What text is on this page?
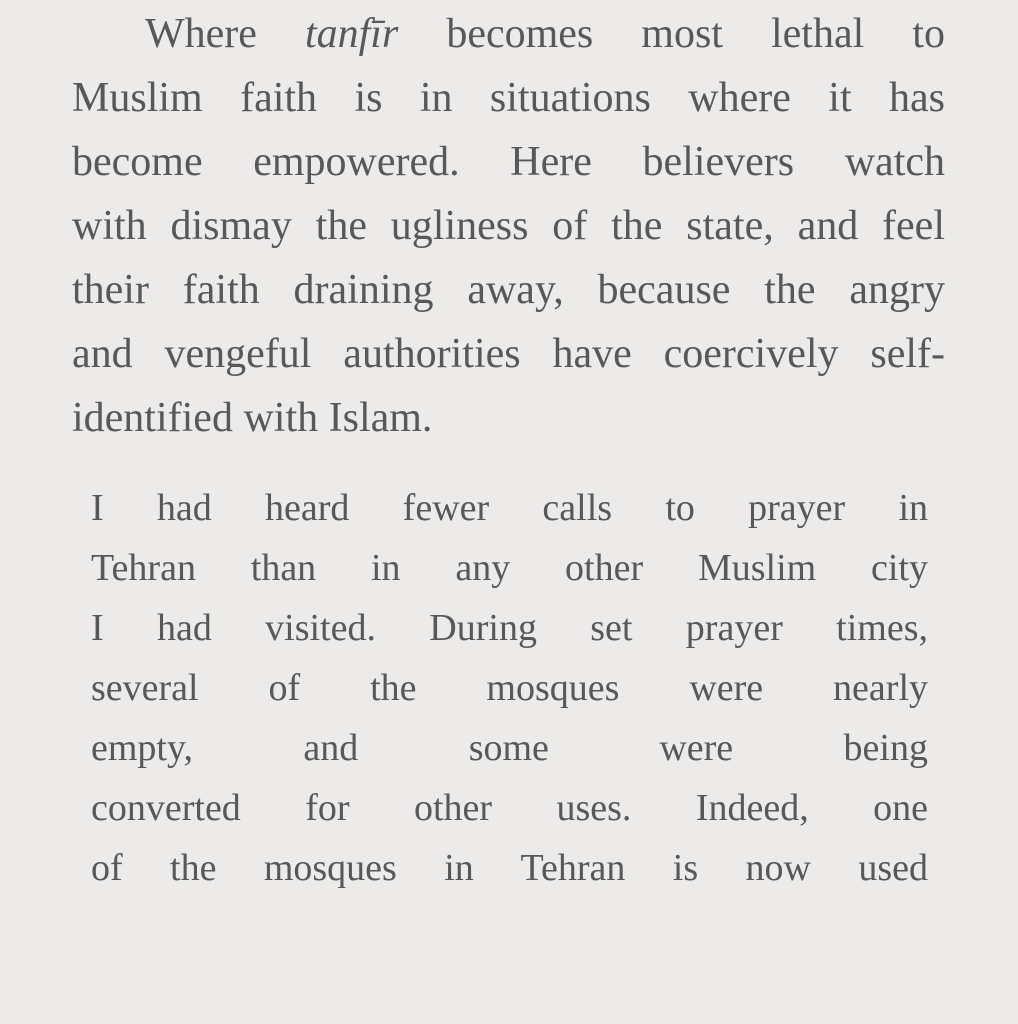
Where tanfīr becomes most lethal to
Muslim faith is in situations where it has
become empowered. Here believers watch
with dismay the ugliness of the state, and feel
their faith draining away, because the angry
and vengeful authorities have coercively self-
identified with Islam.
I had heard fewer calls to prayer in
Tehran than in any other Muslim city
I had visited. During set prayer times,
several of the mosques were nearly
empty, and some were being
converted for other uses. Indeed, one
of the mosques in Tehran is now used
